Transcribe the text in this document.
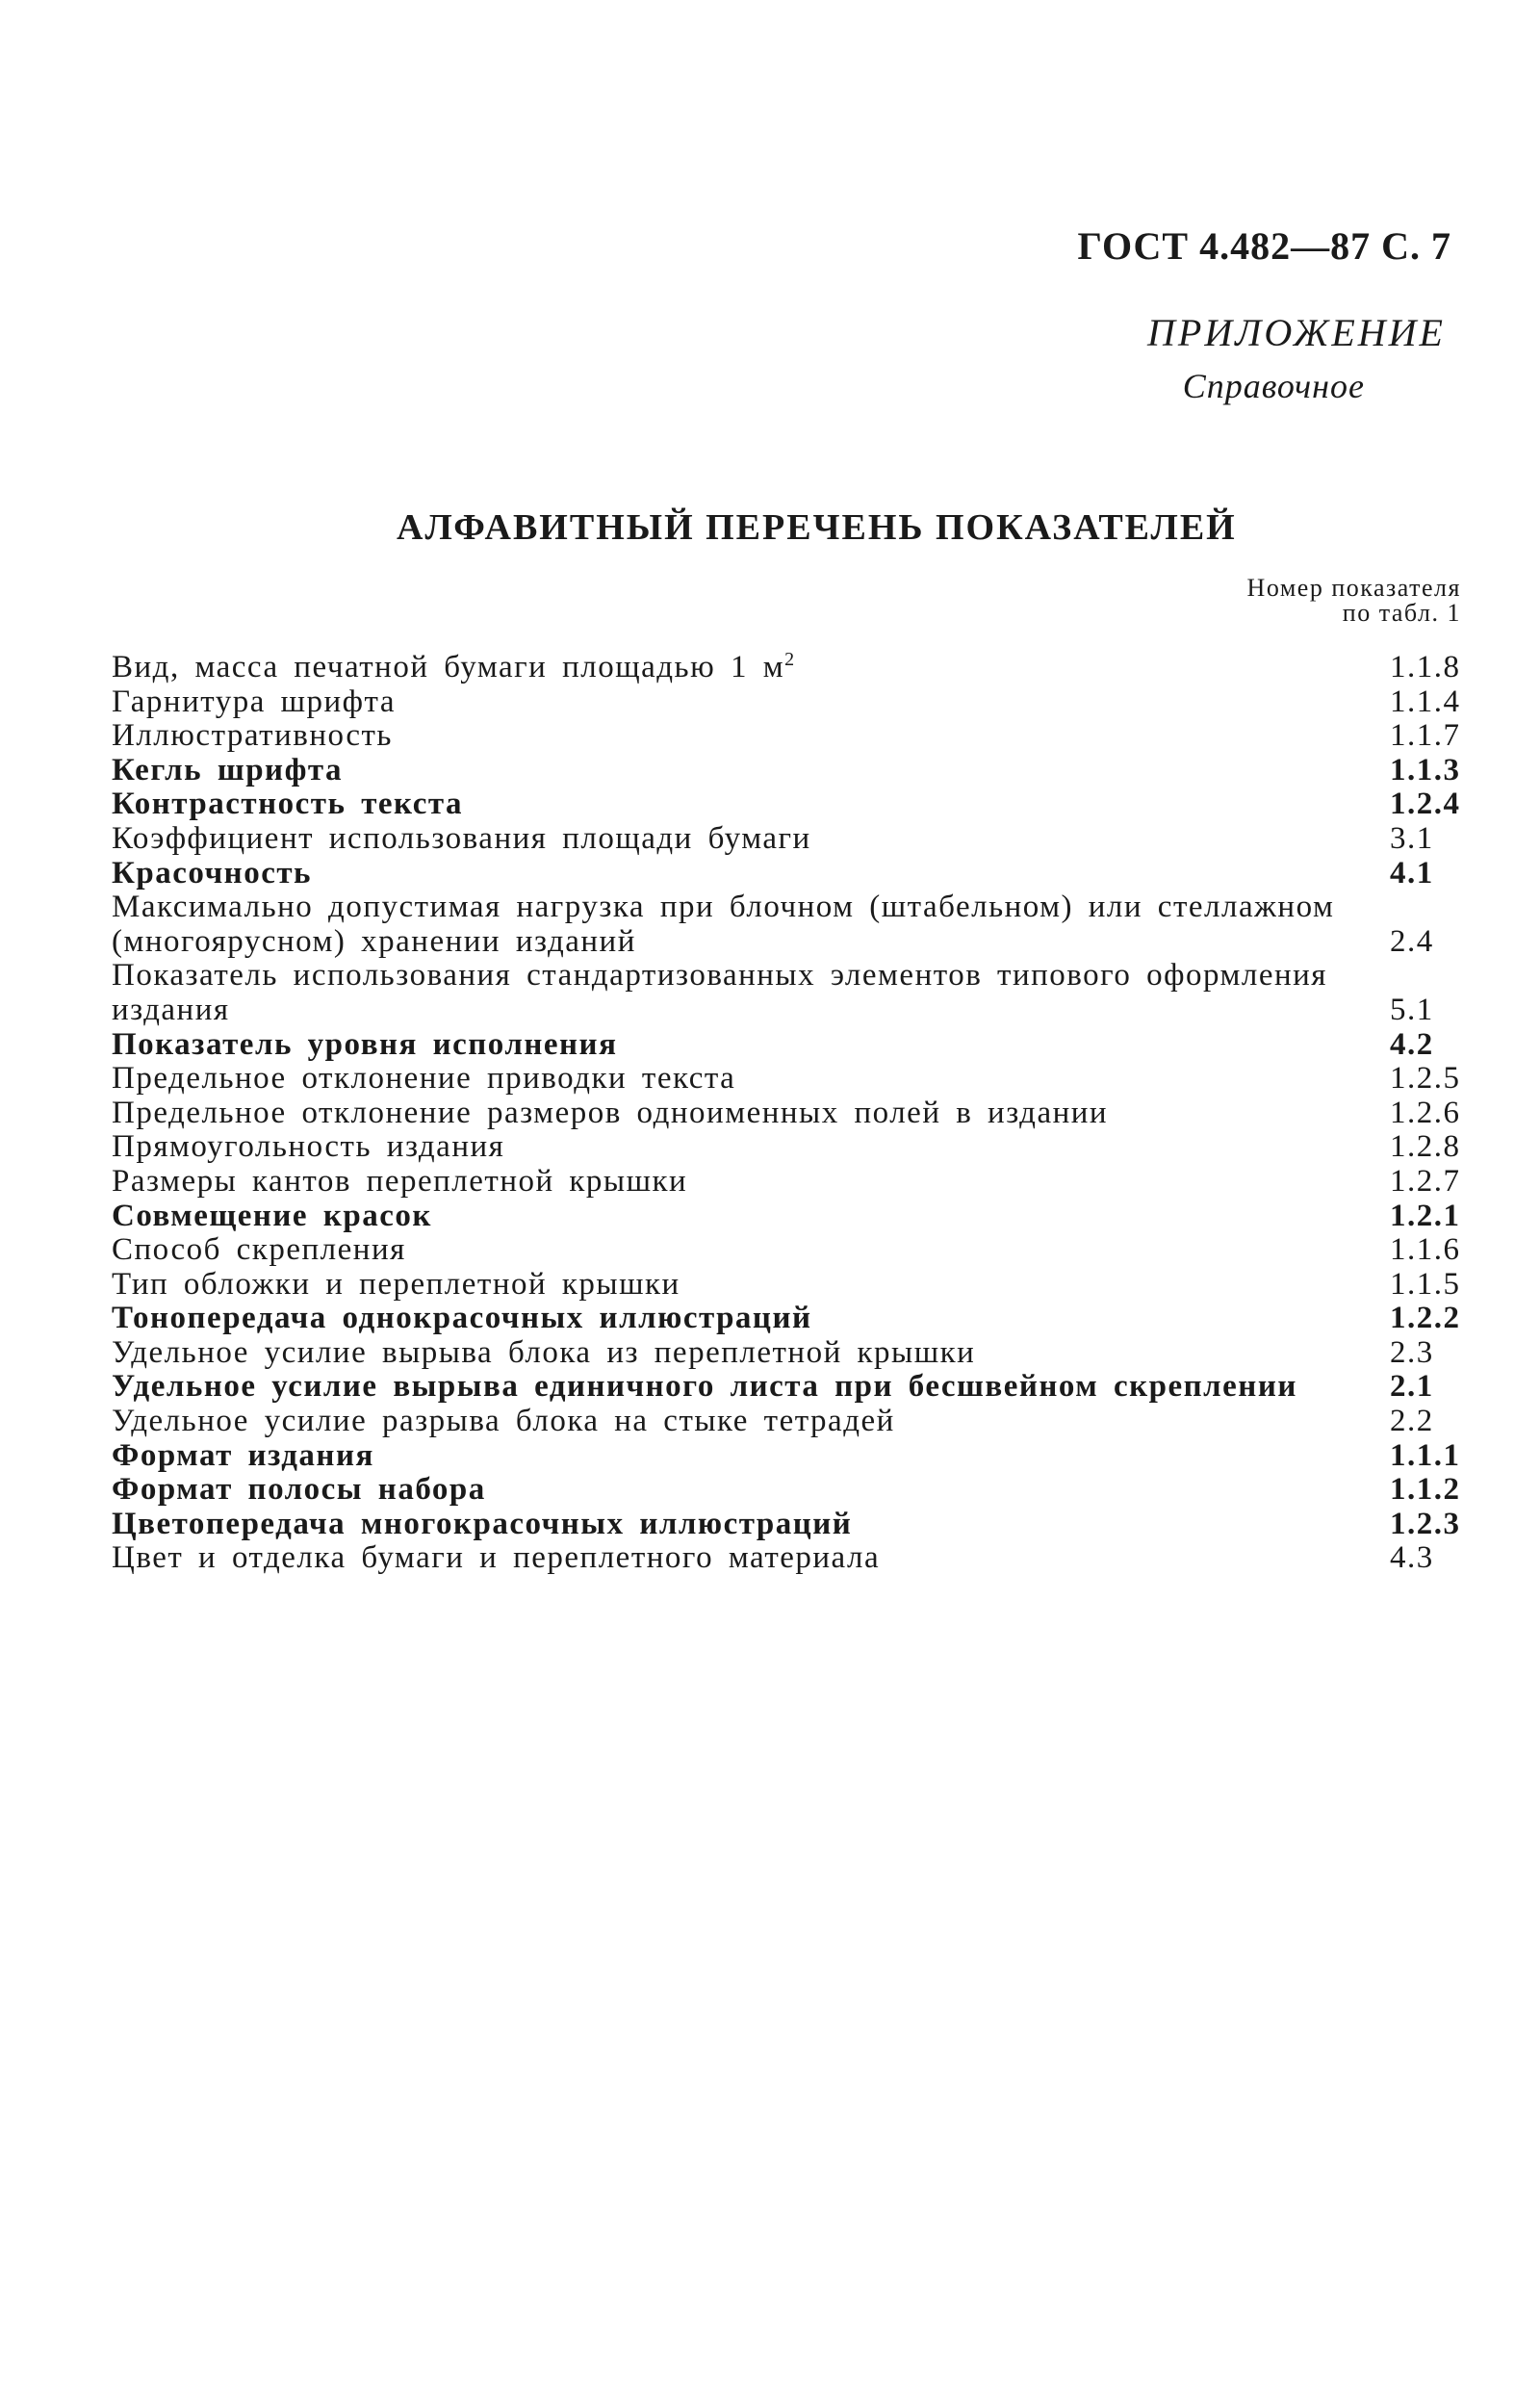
ГОСТ 4.482—87 С. 7
ПРИЛОЖЕНИЕ
Справочное
АЛФАВИТНЫЙ ПЕРЕЧЕНЬ ПОКАЗАТЕЛЕЙ
Номер показателя
по табл. 1
Вид, масса печатной бумаги площадью 1 $м^2$	1.1.8
Гарнитура шрифта	1.1.4
Иллюстративность	1.1.7
Кегль шрифта	1.1.3
Контрастность текста	1.2.4
Коэффициент использования площади бумаги	3.1
Красочность	4.1
Максимально допустимая нагрузка при блочном (штабельном) или стеллажном (многоярусном) хранении изданий	2.4
Показатель использования стандартизованных элементов типового оформления издания	5.1
Показатель уровня исполнения	4.2
Предельное отклонение приводки текста	1.2.5
Предельное отклонение размеров одноименных полей в издании	1.2.6
Прямоугольность издания	1.2.8
Размеры кантов переплетной крышки	1.2.7
Совмещение красок	1.2.1
Способ скрепления	1.1.6
Тип обложки и переплетной крышки	1.1.5
Тонопередача однокрасочных иллюстраций	1.2.2
Удельное усилие вырыва блока из переплетной крышки	2.3
Удельное усилие вырыва единичного листа при бесшвейном скреплении	2.1
Удельное усилие разрыва блока на стыке тетрадей	2.2
Формат издания	1.1.1
Формат полосы набора	1.1.2
Цветопередача многокрасочных иллюстраций	1.2.3
Цвет и отделка бумаги и переплетного материала	4.3
